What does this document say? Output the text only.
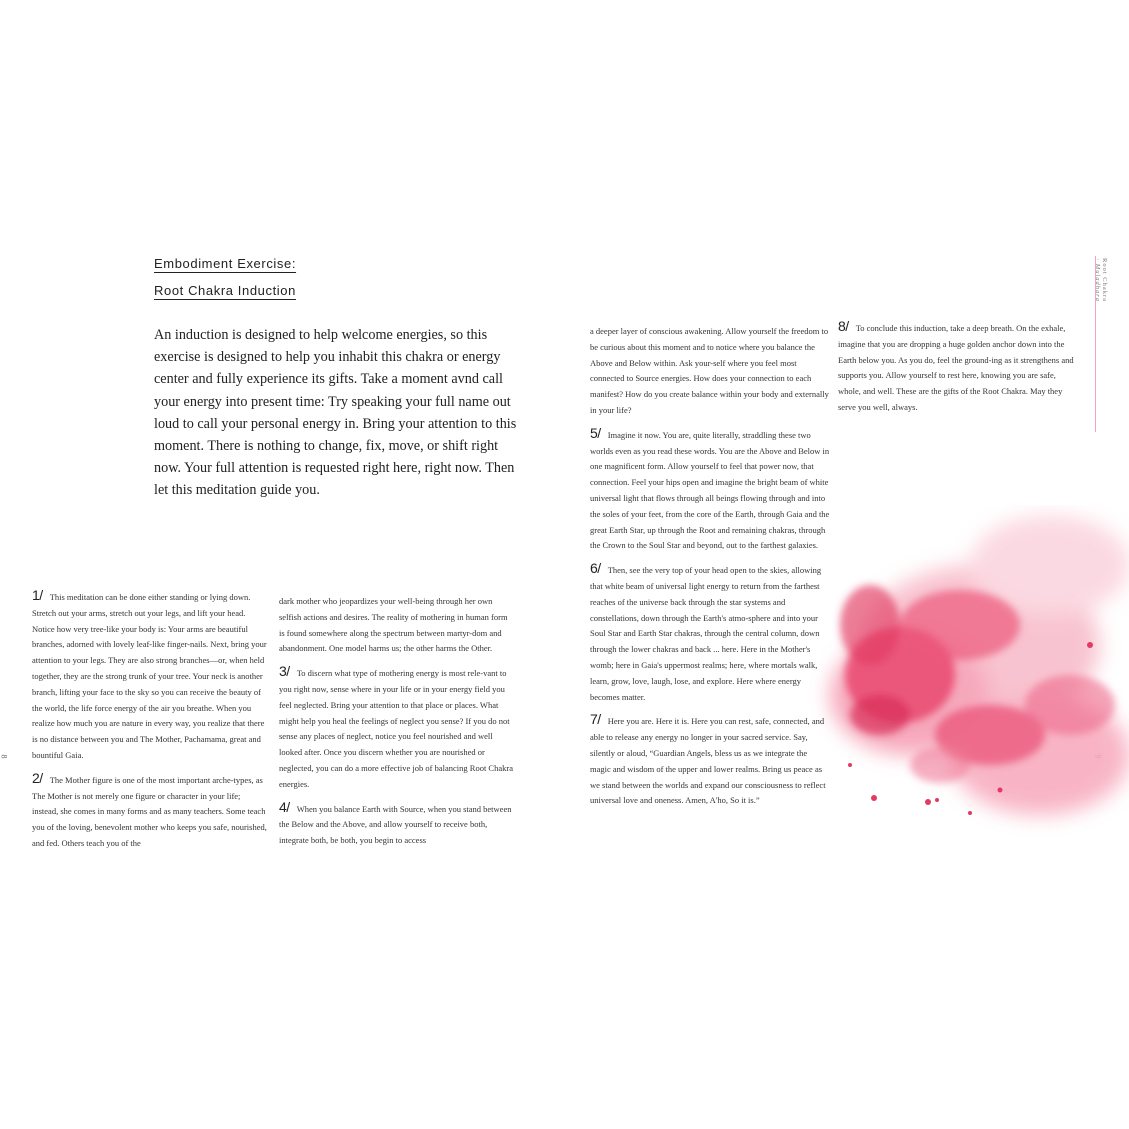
Root Chakra
· Muladhara
8
Embodiment Exercise:
Root Chakra Induction
An induction is designed to help welcome energies, so this exercise is designed to help you inhabit this chakra or energy center and fully experience its gifts. Take a moment avnd call your energy into present time: Try speaking your full name out loud to call your personal energy in. Bring your attention to this moment. There is nothing to change, fix, move, or shift right now. Your full attention is requested right here, right now. Then let this meditation guide you.

1/ This meditation can be done either standing or lying down. Stretch out your arms, stretch out your legs, and lift your head. Notice how very tree-like your body is: Your arms are beautiful branches, adorned with lovely leaf-like finger-nails. Next, bring your attention to your legs. They are also strong branches—or, when held together, they are the strong trunk of your tree. Your neck is another branch, lifting your face to the sky so you can receive the beauty of the world, the life force energy of the air you breathe. When you realize how much you are nature in every way, you realize that there is no distance between you and The Mother, Pachamama, great and bountiful Gaia.

2/ The Mother figure is one of the most important arche-types, as The Mother is not merely one figure or character in your life; instead, she comes in many forms and as many teachers. Some teach you of the loving, benevolent mother who keeps you safe, nourished, and fed. Others teach you of the

dark mother who jeopardizes your well-being through her own selfish actions and desires. The reality of mothering in human form is found somewhere along the spectrum between martyr-dom and abandonment. One model harms us; the other harms the Other.

3/ To discern what type of mothering energy is most rele-vant to you right now, sense where in your life or in your energy field you feel neglected. Bring your attention to that place or places. What might help you heal the feelings of neglect you sense? If you do not sense any places of neglect, notice you feel nourished and well looked after. Once you discern whether you are nourished or neglected, you can do a more effective job of balancing Root Chakra energies.

4/ When you balance Earth with Source, when you stand between the Below and the Above, and allow yourself to receive both, integrate both, be both, you begin to access

a deeper layer of conscious awakening. Allow yourself the freedom to be curious about this moment and to notice where you balance the Above and Below within. Ask your-self where you feel most connected to Source energies. How does your connection to each manifest? How do you create balance within your body and externally in your life?

5/ Imagine it now. You are, quite literally, straddling these two worlds even as you read these words. You are the Above and Below in one magnificent form. Allow yourself to feel that power now, that connection. Feel your hips open and imagine the bright beam of white universal light that flows through all beings flowing through and into the soles of your feet, from the core of the Earth, through Gaia and the great Earth Star, up through the Root and remaining chakras, through the Crown to the Soul Star and beyond, out to the farthest galaxies.

6/ Then, see the very top of your head open to the skies, allowing that white beam of universal light energy to return from the farthest reaches of the universe back through the star systems and constellations, down through the Earth's atmo-sphere and into your Soul Star and Earth Star chakras, through the central column, down through the lower chakras and back ... here. Here in the Mother's womb; here in Gaia's uppermost realms; here, where mortals walk, learn, grow, love, laugh, lose, and explore. Here where energy becomes matter.

7/ Here you are. Here it is. Here you can rest, safe, connected, and able to release any energy no longer in your sacred service. Say, silently or aloud, “Guardian Angels, bless us as we integrate the magic and wisdom of the upper and lower realms. Bring us peace as we stand between the worlds and expand our consciousness to reflect universal love and oneness. Amen, A'ho, So it is.”

8/ To conclude this induction, take a deep breath. On the exhale, imagine that you are dropping a huge golden anchor down into the Earth below you. As you do, feel the ground-ing as it strengthens and supports you. Allow yourself to rest here, knowing you are safe, whole, and well. These are the gifts of the Root Chakra. May they serve you well, always.
